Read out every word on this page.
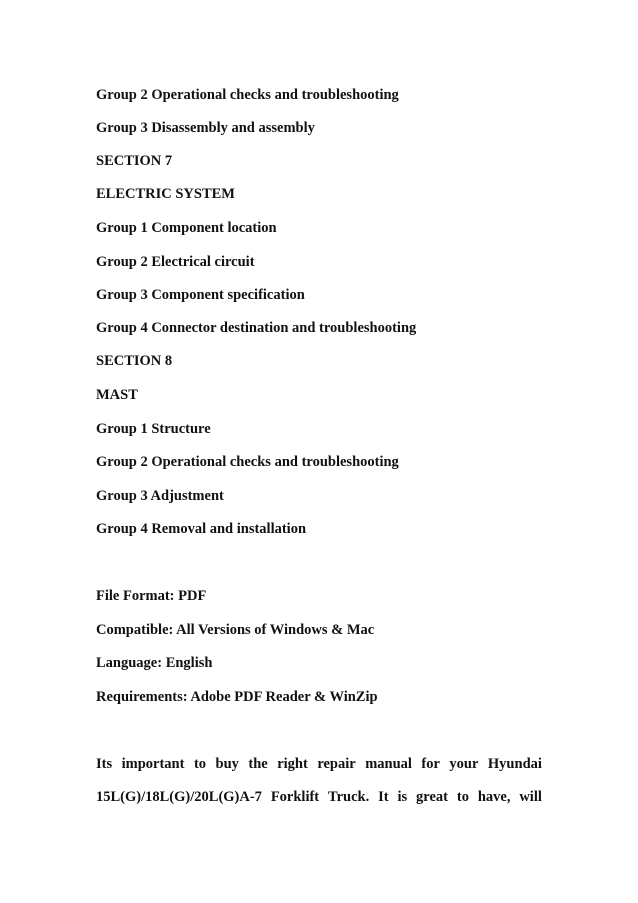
Group 2 Operational checks and troubleshooting
Group 3 Disassembly and assembly
SECTION 7
ELECTRIC SYSTEM
Group 1 Component location
Group 2 Electrical circuit
Group 3 Component specification
Group 4 Connector destination and troubleshooting
SECTION 8
MAST
Group 1 Structure
Group 2 Operational checks and troubleshooting
Group 3 Adjustment
Group 4 Removal and installation
File Format: PDF
Compatible: All Versions of Windows & Mac
Language: English
Requirements: Adobe PDF Reader & WinZip
Its important to buy the right repair manual for your Hyundai
15L(G)/18L(G)/20L(G)A-7 Forklift Truck. It is great to have, will
